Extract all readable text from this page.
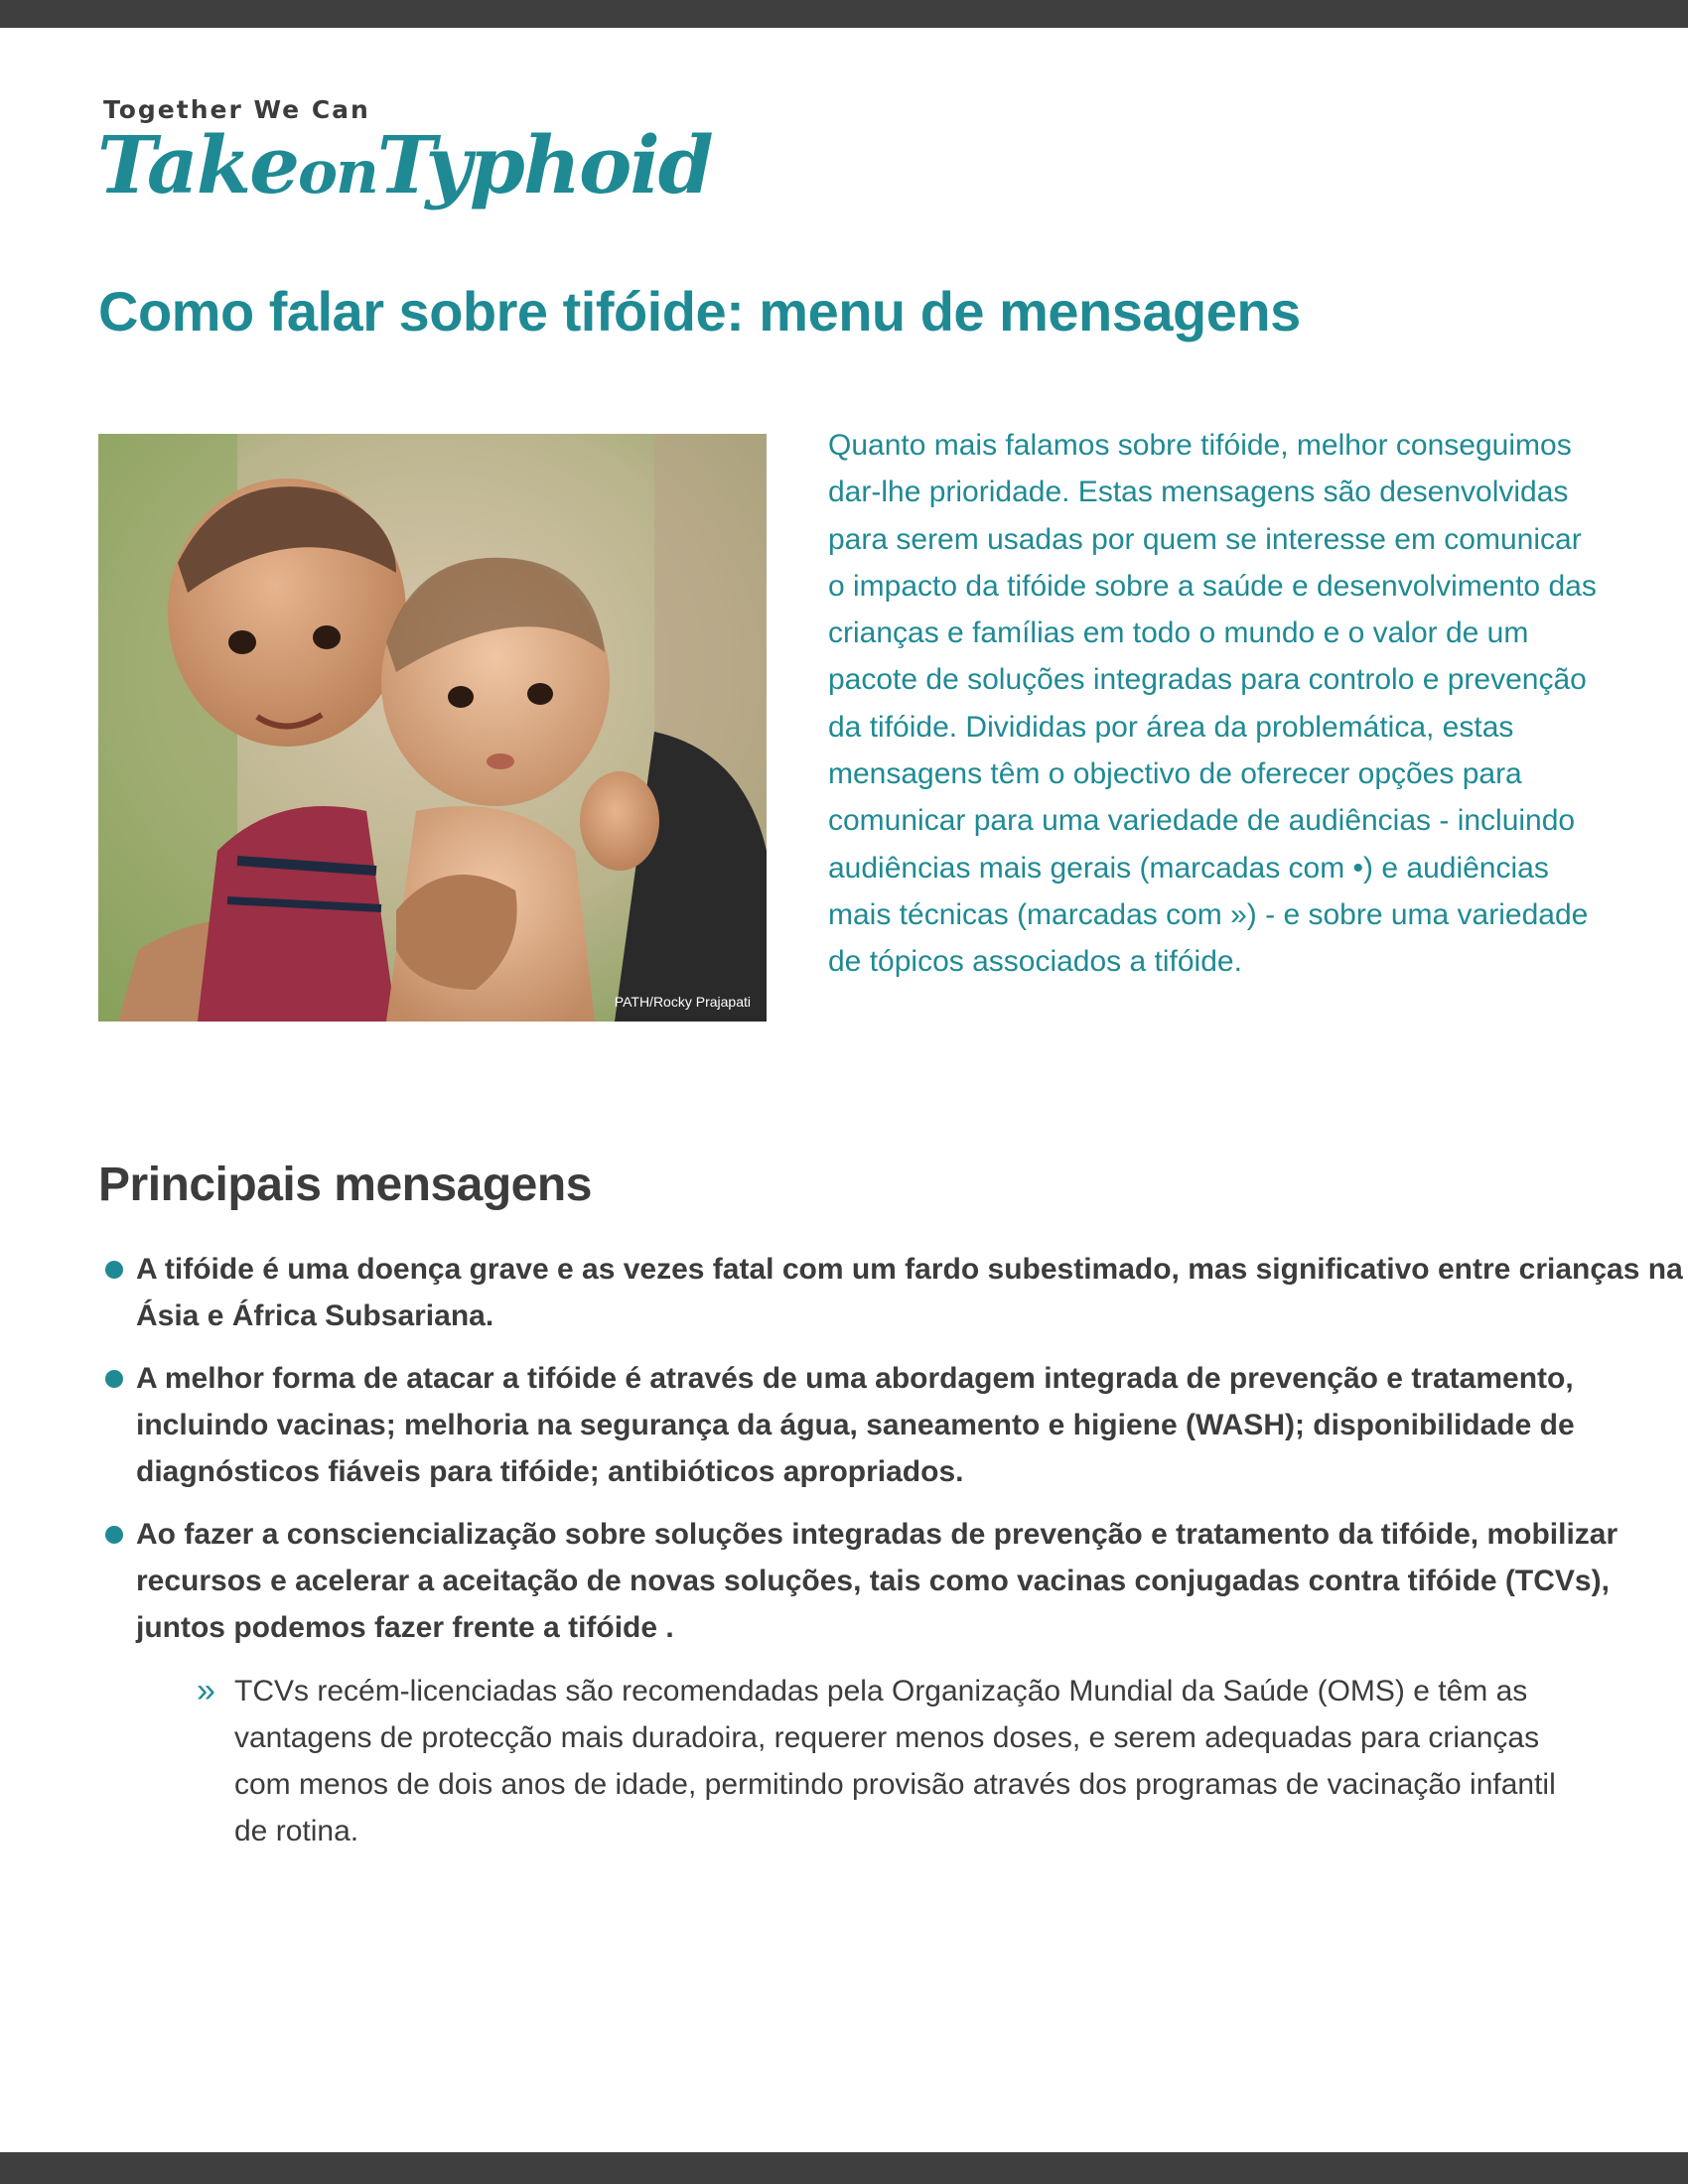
Together We Can
TakeonTyphoid
Como falar sobre tifóide: menu de mensagens
PATH/Rocky Prajapati

Quanto mais falamos sobre tifóide, melhor conseguimos dar-lhe prioridade. Estas mensagens são desenvolvidas para serem usadas por quem se interesse em comunicar o impacto da tifóide sobre a saúde e desenvolvimento das crianças e famílias em todo o mundo e o valor de um pacote de soluções integradas para controlo e prevenção da tifóide. Divididas por área da problemática, estas mensagens têm o objectivo de oferecer opções para comunicar para uma variedade de audiências - incluindo audiências mais gerais (marcadas com •) e audiências mais técnicas (marcadas com ») - e sobre uma variedade de tópicos associados a tifóide.

Principais mensagens

A tifóide é uma doença grave e as vezes fatal com um fardo subestimado, mas significativo entre crianças na Ásia e África Subsariana.

A melhor forma de atacar a tifóide é através de uma abordagem integrada de prevenção e tratamento, incluindo vacinas; melhoria na segurança da água, saneamento e higiene (WASH); disponibilidade de diagnósticos fiáveis para tifóide; antibióticos apropriados.

Ao fazer a consciencialização sobre soluções integradas de prevenção e tratamento da tifóide, mobilizar recursos e acelerar a aceitação de novas soluções, tais como vacinas conjugadas contra tifóide (TCVs), juntos podemos fazer frente a tifóide .

» TCVs recém-licenciadas são recomendadas pela Organização Mundial da Saúde (OMS) e têm as vantagens de protecção mais duradoira, requerer menos doses, e serem adequadas para crianças com menos de dois anos de idade, permitindo provisão através dos programas de vacinação infantil de rotina.
